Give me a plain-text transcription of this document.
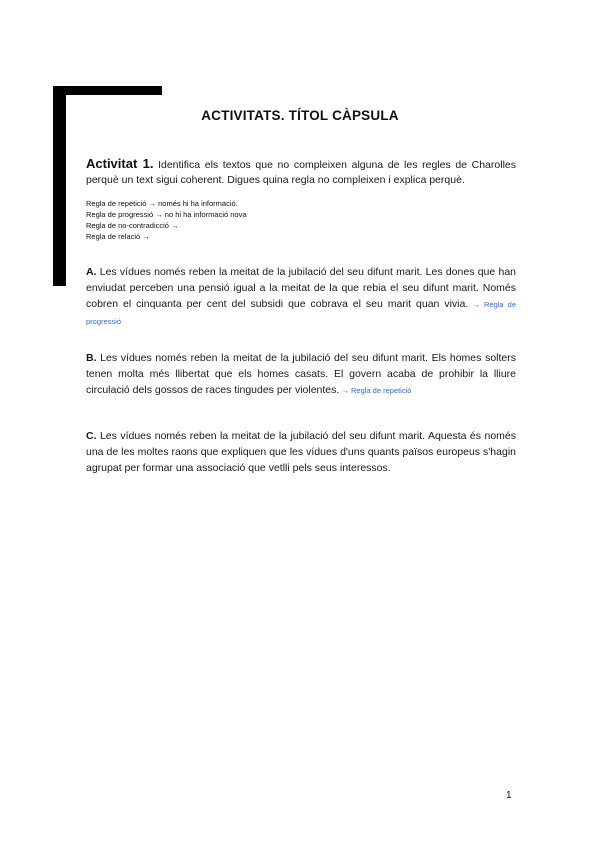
ACTIVITATS. TÍTOL CÀPSULA
Activitat 1. Identifica els textos que no compleixen alguna de les regles de Charolles perquè un text sigui coherent. Digues quina regla no compleixen i explica perquè.
Regla de repetició → només hi ha informació.
Regla de progressió → no hi ha informació nova
Regla de no-contradicció →
Regla de relació →
A. Les vídues només reben la meitat de la jubilació del seu difunt marit. Les dones que han enviudat perceben una pensió igual a la meitat de la que rebia el seu difunt marit. Només cobren el cinquanta per cent del subsidi que cobrava el seu marit quan vivia. → Regla de progressió
B. Les vídues només reben la meitat de la jubilació del seu difunt marit. Els homes solters tenen molta més llibertat que els homes casats. El govern acaba de prohibir la lliure circulació dels gossos de races tingudes per violentes. → Regla de repetició
C. Les vídues només reben la meitat de la jubilació del seu difunt marit. Aquesta és només una de les moltes raons que expliquen que les vídues d'uns quants països europeus s'hagin agrupat per formar una associació que vetlli pels seus interessos.
1
